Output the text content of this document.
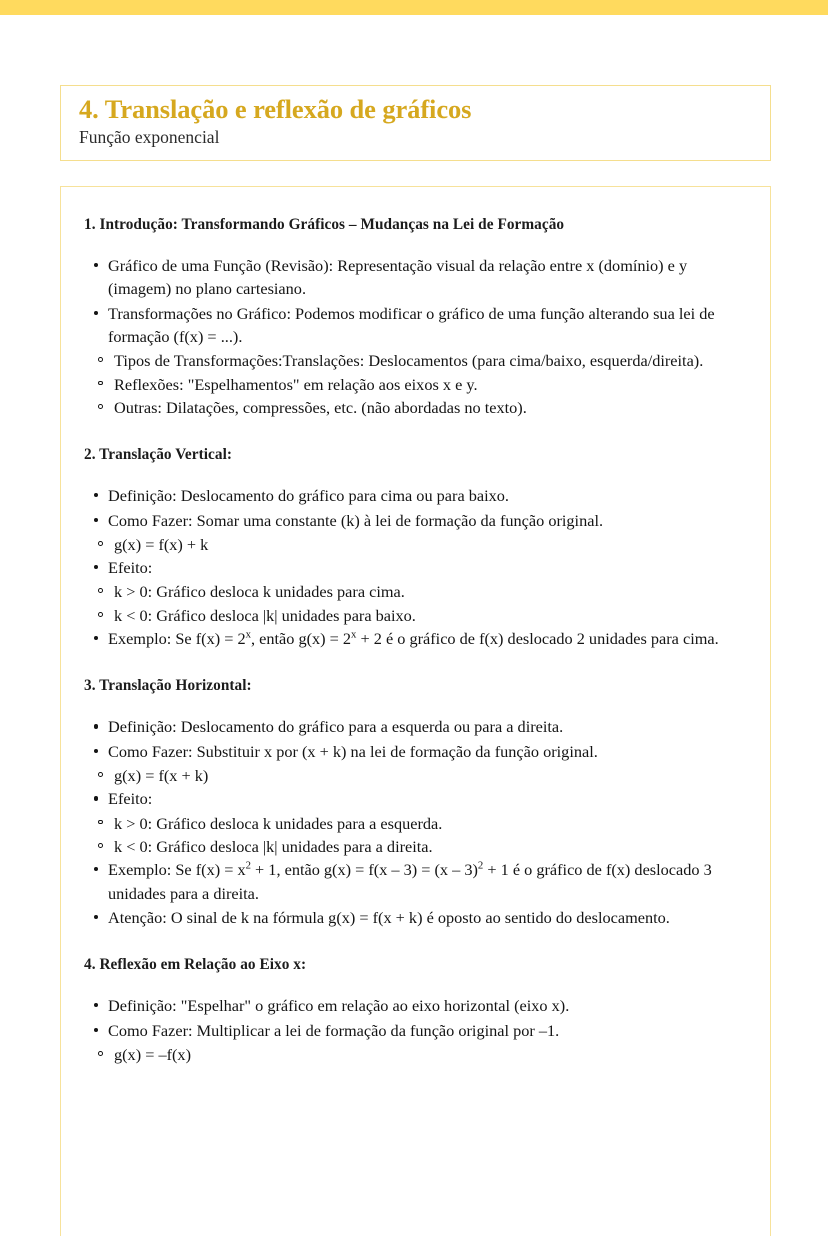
4. Translação e reflexão de gráficos
Função exponencial
1. Introdução: Transformando Gráficos – Mudanças na Lei de Formação
Gráfico de uma Função (Revisão): Representação visual da relação entre x (domínio) e y (imagem) no plano cartesiano.
Transformações no Gráfico: Podemos modificar o gráfico de uma função alterando sua lei de formação (f(x) = ...).
Tipos de Transformações:Translações: Deslocamentos (para cima/baixo, esquerda/direita).
Reflexões: "Espelhamentos" em relação aos eixos x e y.
Outras: Dilatações, compressões, etc. (não abordadas no texto).
2. Translação Vertical:
Definição: Deslocamento do gráfico para cima ou para baixo.
Como Fazer: Somar uma constante (k) à lei de formação da função original.
g(x) = f(x) + k
Efeito:
k > 0: Gráfico desloca k unidades para cima.
k < 0: Gráfico desloca |k| unidades para baixo.
Exemplo: Se $f(x) = 2^x$, então $g(x) = 2^x + 2$ é o gráfico de f(x) deslocado 2 unidades para cima.
3. Translação Horizontal:
Definição: Deslocamento do gráfico para a esquerda ou para a direita.
Como Fazer: Substituir x por (x + k) na lei de formação da função original.
g(x) = f(x + k)
Efeito:
k > 0: Gráfico desloca k unidades para a esquerda.
k < 0: Gráfico desloca |k| unidades para a direita.
Exemplo: Se $f(x) = x^2 + 1$, então g(x) = f(x – 3) = (x – 3)$^2$ + 1 é o gráfico de f(x) deslocado 3 unidades para a direita.
Atenção: O sinal de k na fórmula g(x) = f(x + k) é oposto ao sentido do deslocamento.
4. Reflexão em Relação ao Eixo x:
Definição: "Espelhar" o gráfico em relação ao eixo horizontal (eixo x).
Como Fazer: Multiplicar a lei de formação da função original por –1.
g(x) = –f(x)
